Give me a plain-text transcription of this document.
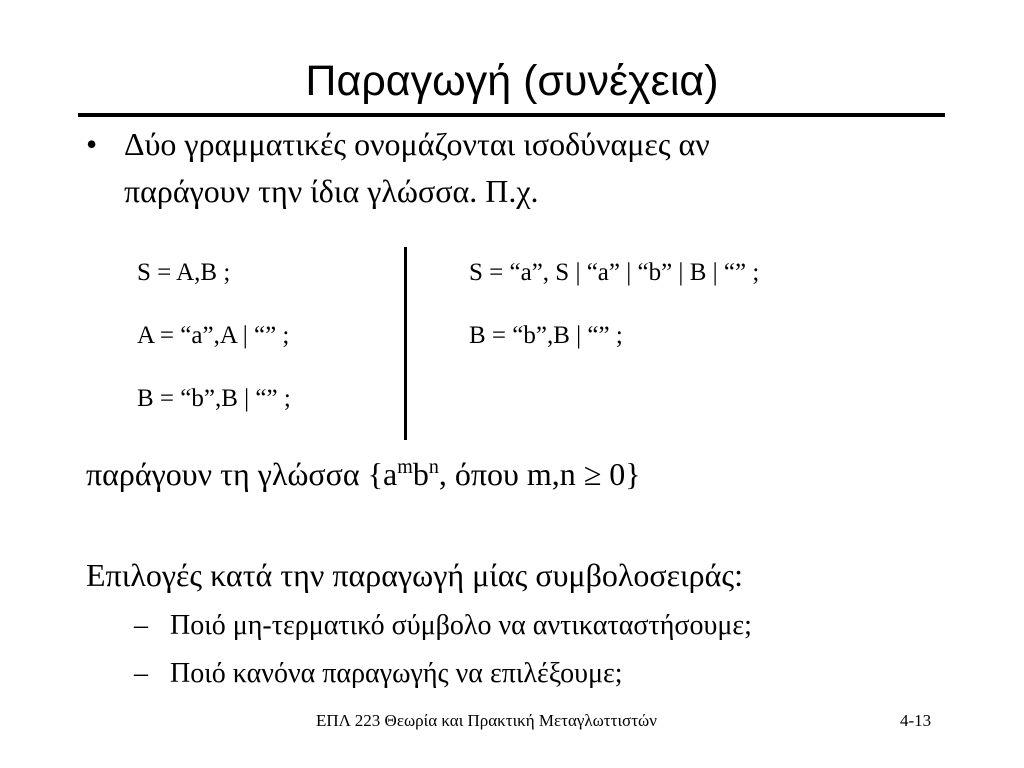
Παραγωγή (συνέχεια)
• Δύο γραμματικές ονομάζονται ισοδύναμες αν
παράγουν την ίδια γλώσσα. Π.χ.
S = A,B ;
A = “a”,A | “” ;
B = “b”,B | “” ;
S = “a”, S | “a” | “b” | B | “” ;
B = “b”,B | “” ;
παράγουν τη γλώσσα {$a^mb^n$, όπου m,n ≥ 0}
Επιλογές κατά την παραγωγή μίας συμβολοσειράς:
– Ποιό μη-τερματικό σύμβολο να αντικαταστήσουμε;
– Ποιό κανόνα παραγωγής να επιλέξουμε;
ΕΠΛ 223 Θεωρία και Πρακτική Μεταγλωττιστών	4-13
